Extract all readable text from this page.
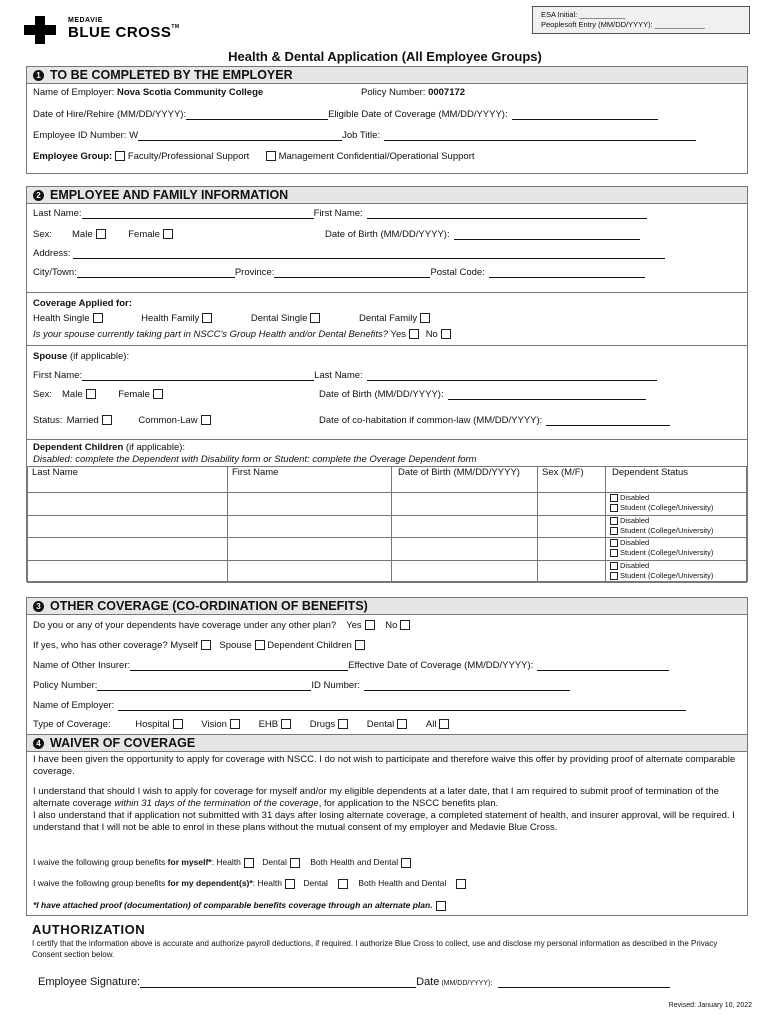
MEDAVIE
BLUE CROSS™
ESA Initial: ___________
Peoplesoft Entry (MM/DD/YYYY): ____________
Health & Dental Application (All Employee Groups)
1 TO BE COMPLETED BY THE EMPLOYER
Name of Employer: Nova Scotia Community College	Policy Number: 0007172
Date of Hire/Rehire (MM/DD/YYYY):	Eligible Date of Coverage (MM/DD/YYYY):
Employee ID Number: W	Job Title:
Employee Group: Faculty/Professional Support	Management Confidential/Operational Support
2 EMPLOYEE AND FAMILY INFORMATION
Last Name:	First Name:
Sex: Male	Female	Date of Birth (MM/DD/YYYY):
Address:
City/Town:	Province:	Postal Code:
Coverage Applied for:
Health Single	Health Family	Dental Single	Dental Family
Is your spouse currently taking part in NSCC's Group Health and/or Dental Benefits? Yes No
Spouse (if applicable):
First Name:	Last Name:
Sex: Male	Female	Date of Birth (MM/DD/YYYY):
Status: Married	Common-Law	Date of co-habitation if common-law (MM/DD/YYYY):
Dependent Children (if applicable):
Disabled: complete the Dependent with Disability form or Student: complete the Overage Dependent form
Last Name	First Name	Date of Birth (MM/DD/YYYY)	Sex (M/F)	Dependent Status

				Disabled
Student (College/University)

				Disabled
Student (College/University)

				Disabled
Student (College/University)

				Disabled
Student (College/University)
3 OTHER COVERAGE (CO-ORDINATION OF BENEFITS)
Do you or any of your dependents have coverage under any other plan? Yes No
If yes, who has other coverage? Myself Spouse Dependent Children
Name of Other Insurer:	Effective Date of Coverage (MM/DD/YYYY):
Policy Number:	ID Number:
Name of Employer:
Type of Coverage:	Hospital	Vision	EHB	Drugs	Dental	All
4 WAIVER OF COVERAGE
I have been given the opportunity to apply for coverage with NSCC. I do not wish to participate and therefore waive this offer by providing proof of alternate comparable coverage.
I understand that should I wish to apply for coverage for myself and/or my eligible dependents at a later date, that I am required to submit proof of termination of the alternate coverage within 31 days of the termination of the coverage, for application to the NSCC benefits plan.
I also understand that if application not submitted with 31 days after losing alternate coverage, a completed statement of health, and insurer approval, will be required. I understand that I will not be able to enrol in these plans without the mutual consent of my employer and Medavie Blue Cross.
I waive the following group benefits for myself*: Health	Dental	Both Health and Dental
I waive the following group benefits for my dependent(s)*: Health	Dental	Both Health and Dental
*I have attached proof (documentation) of comparable benefits coverage through an alternate plan.
AUTHORIZATION
I certify that the information above is accurate and authorize payroll deductions, if required. I authorize Blue Cross to collect, use and disclose my personal information as described in the Privacy Consent section below.
Employee Signature:	Date (MM/DD/YYYY):
Revised: January 10, 2022
